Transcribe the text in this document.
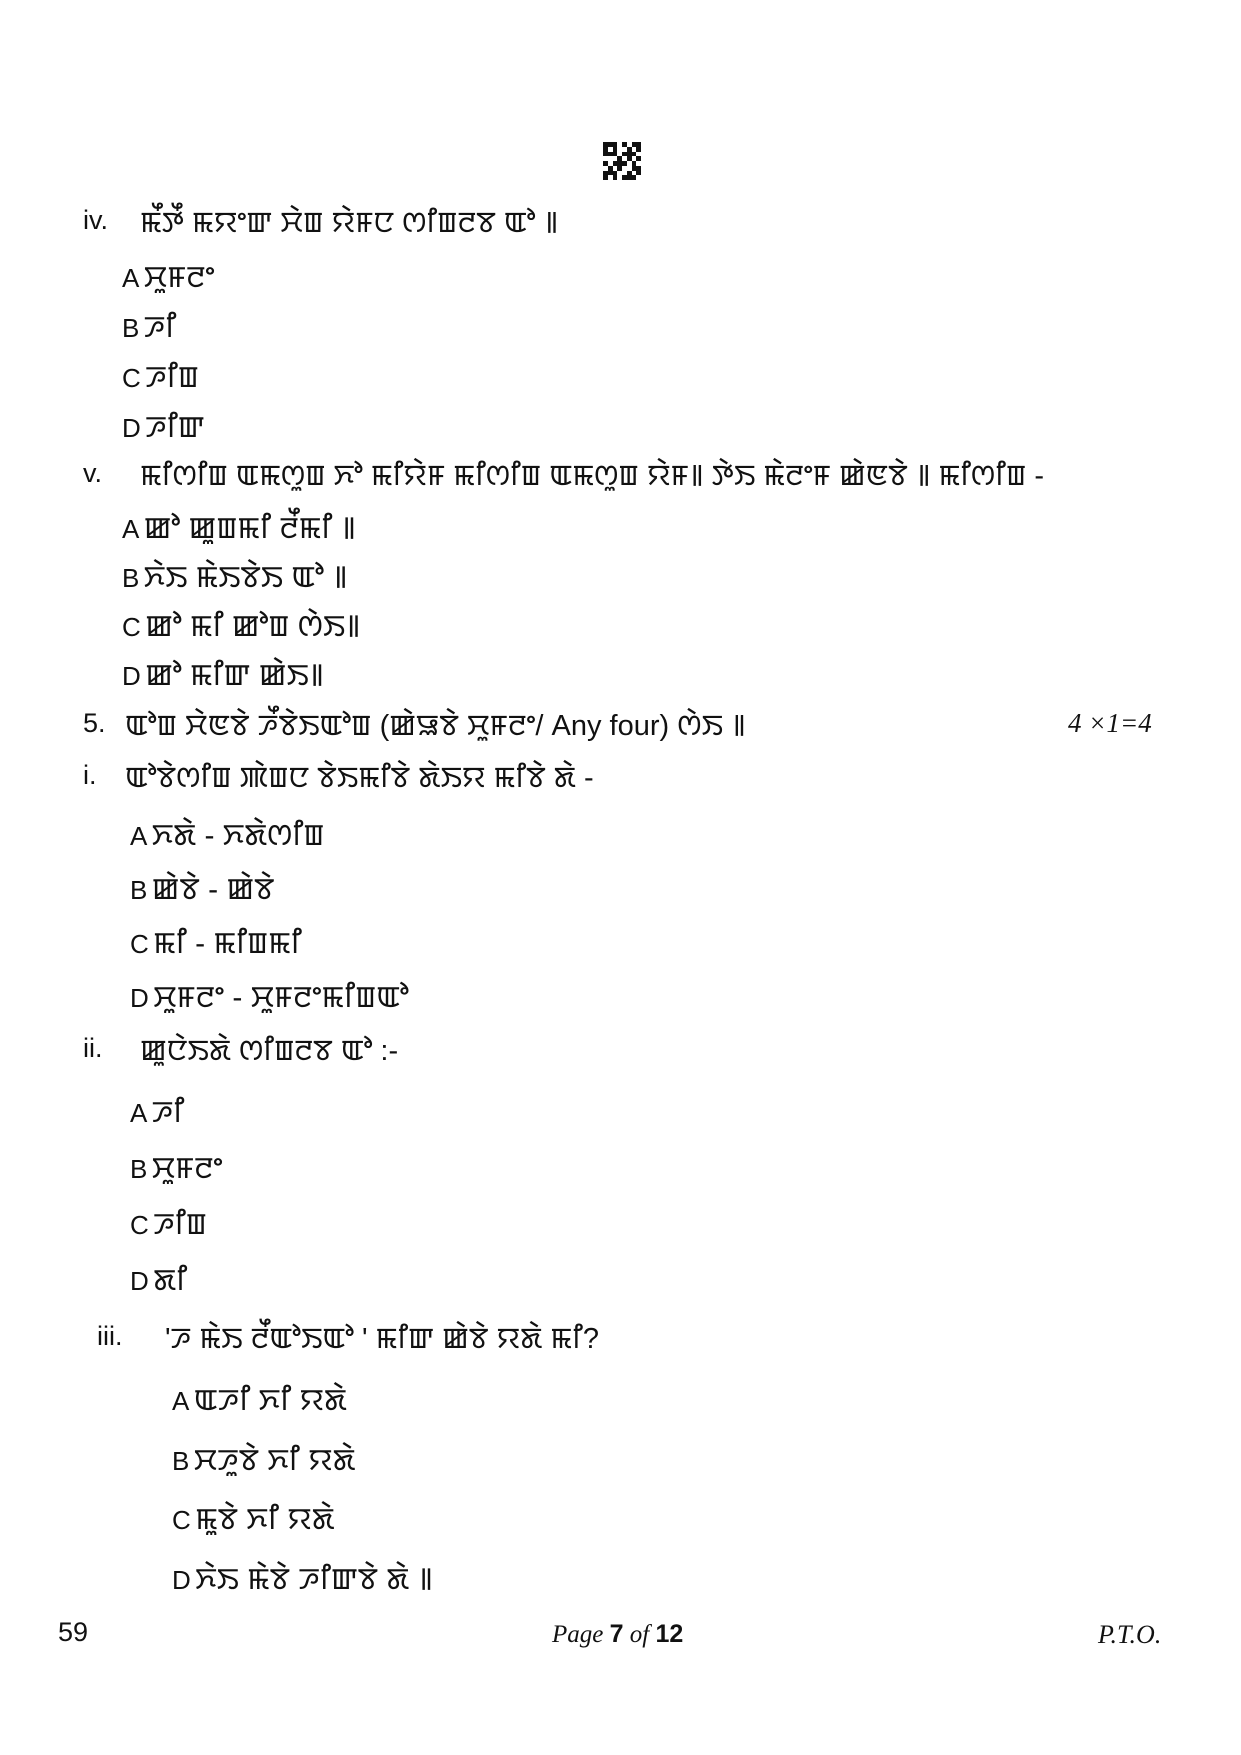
iv. ꯃꯩꯇꯩ ꯃꯌꯦꯛ ꯆꯥꯡ ꯌꯥꯝꯅ ꯁꯤꯡꯂꯕ ꯑꯣ ꯫
A ꯆꯨꯝꯂꯦ
B ꯍꯤ
C ꯍꯤꯡ
D ꯍꯤꯛ
v. ꯃꯤꯁꯤꯡ ꯑꯃꯁꯨꯡ ꯈꯣ ꯃꯤꯌꯥꯝ ꯃꯤꯁꯤꯡ ꯑꯃꯁꯨꯡ ꯌꯥꯝ꯫ ꯇꯥꯏ ꯃꯥꯂꯦꯝ ꯀꯥꯟꯕꯥ ꯫ ꯃꯤꯁꯤꯡ -
A ꯀꯣ ꯀꯨꯡꯃꯤ ꯂꯩꯃꯤ ꯫
B ꯈꯥꯏ ꯃꯥꯏꯕꯥꯏ ꯑꯣ ꯫
C ꯀꯣ ꯃꯤ ꯀꯣꯡ ꯁꯥꯏ꯫
D ꯀꯣ ꯃꯤꯛ ꯀꯥꯏ꯫
5. ꯑꯣꯡ ꯆꯥꯟꯕꯥ ꯍꯩꯕꯥꯏꯑꯣꯡ (ꯀꯥꯎꯕꯥ ꯆꯨꯝꯂꯦ/ Any four) ꯁꯥꯏ ꯫	4 ×1=4
i. ꯑꯣꯕꯥꯁꯤꯡ ꯄꯥꯡꯅ ꯕꯥꯏꯃꯤꯕꯥ ꯗꯥꯏꯌ ꯃꯤꯕꯥ ꯗꯥ -
A ꯈꯗꯥ - ꯈꯗꯥꯁꯤꯡ
B ꯀꯥꯕꯥ - ꯀꯥꯕꯥ
C ꯃꯤ - ꯃꯤꯡꯃꯤ
D ꯆꯨꯝꯂꯦ - ꯆꯨꯝꯂꯦꯃꯤꯡꯑꯣ
ii. ꯀꯨꯅꯥꯏꯗꯥ ꯁꯤꯡꯂꯕ ꯑꯣ :-
A ꯍꯤ
B ꯆꯨꯝꯂꯦ
C ꯍꯤꯡ
D ꯗꯤ
iii. 'ꯍ ꯃꯥꯏ ꯂꯩꯑꯣꯏꯑꯣ ' ꯃꯤꯛ ꯀꯥꯕꯥ ꯌꯗꯥ ꯃꯤ?
A ꯑꯍꯤ ꯈꯤ ꯌꯗꯥ
B ꯆꯍꯨꯕꯥ ꯈꯤ ꯌꯗꯥ
C ꯃꯨꯕꯥ ꯈꯤ ꯌꯗꯥ
D ꯈꯥꯏ ꯃꯥꯕꯥ ꯍꯤꯛꯕꯥ ꯗꯥ ꯫
59	Page 7 of 12	P.T.O.
